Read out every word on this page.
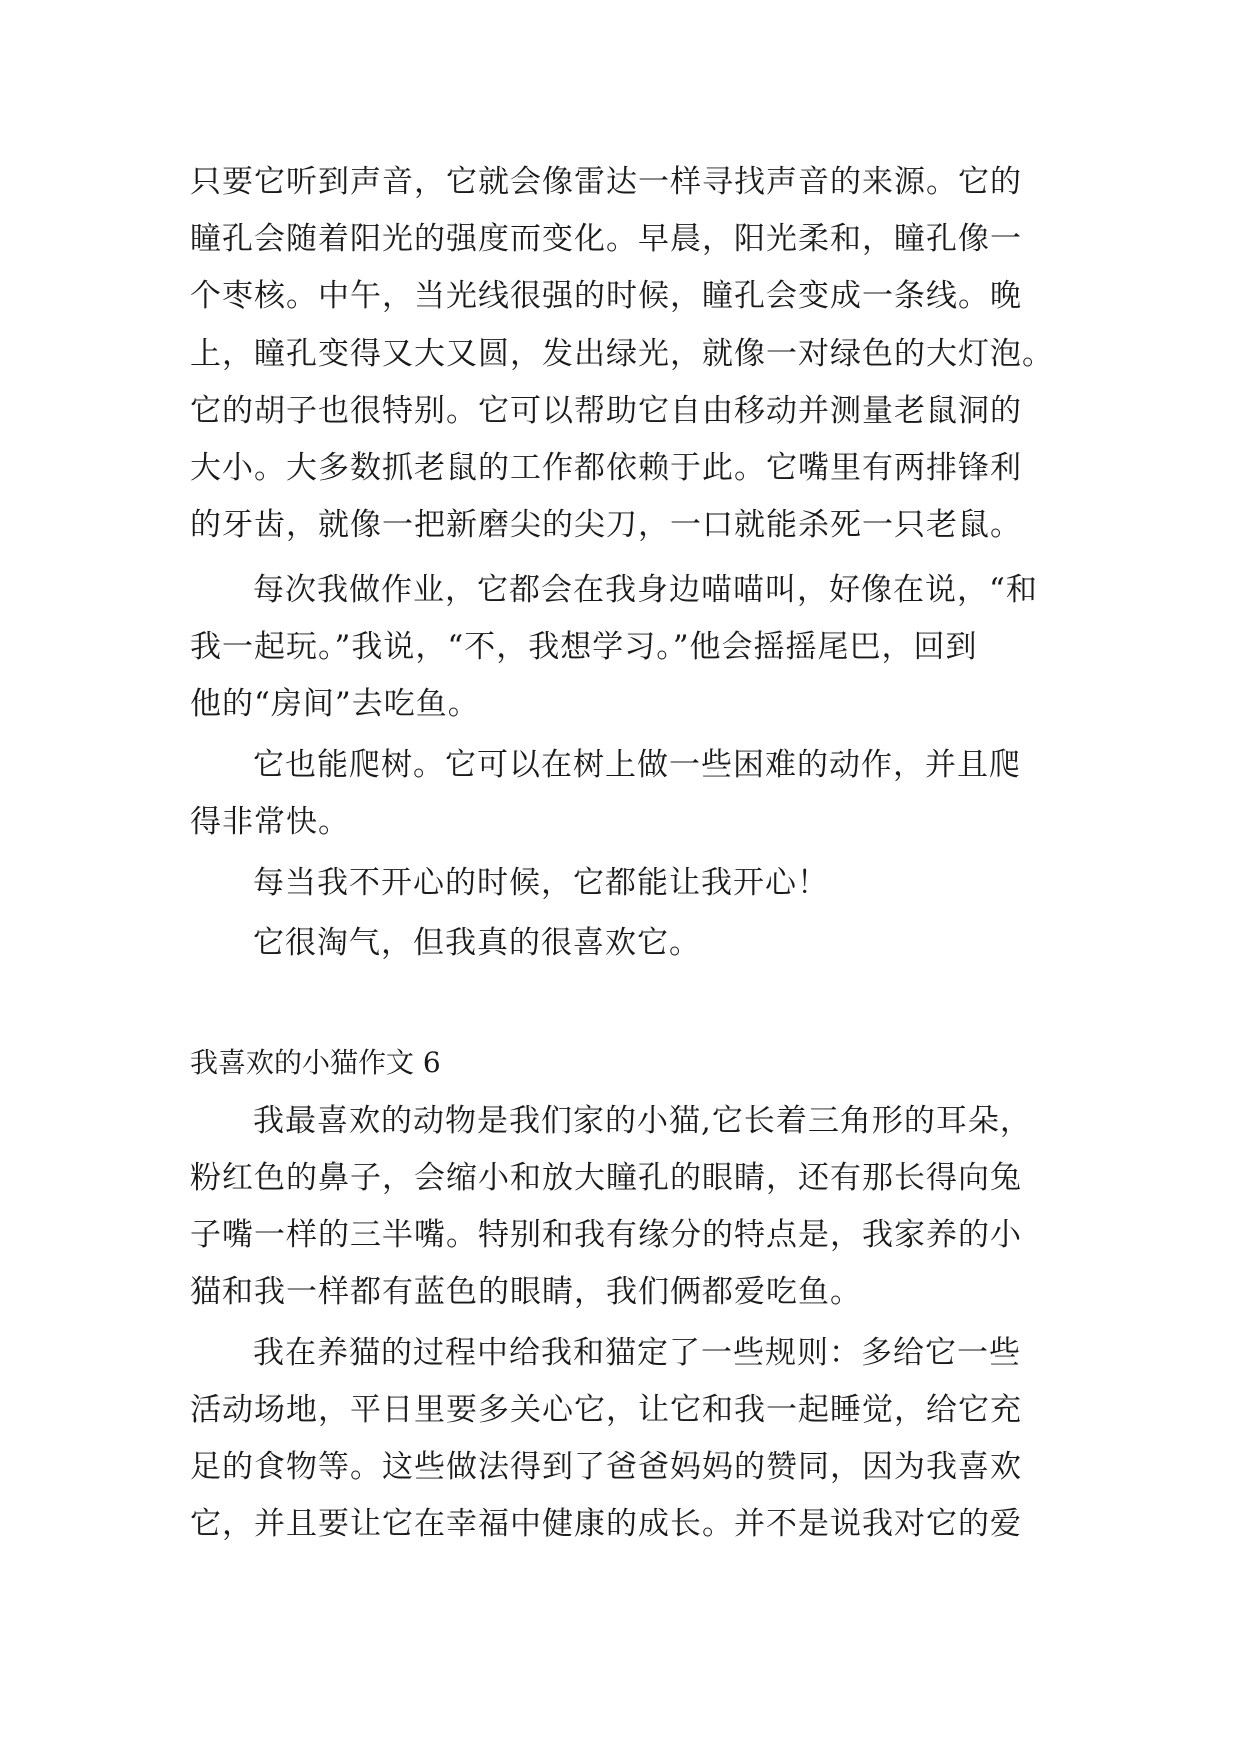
只要它听到声音，它就会像雷达一样寻找声音的来源。它的
瞳孔会随着阳光的强度而变化。早晨，阳光柔和，瞳孔像一
个枣核。中午，当光线很强的时候，瞳孔会变成一条线。晚
上，瞳孔变得又大又圆，发出绿光，就像一对绿色的大灯泡。
它的胡子也很特别。它可以帮助它自由移动并测量老鼠洞的
大小。大多数抓老鼠的工作都依赖于此。它嘴里有两排锋利
的牙齿，就像一把新磨尖的尖刀，一口就能杀死一只老鼠。
每次我做作业，它都会在我身边喵喵叫，好像在说，“和
我一起玩。”我说，“不，我想学习。”他会摇摇尾巴，回到
他的“房间”去吃鱼。
它也能爬树。它可以在树上做一些困难的动作，并且爬
得非常快。
每当我不开心的时候，它都能让我开心！
它很淘气，但我真的很喜欢它。
我喜欢的小猫作文 6
我最喜欢的动物是我们家的小猫,它长着三角形的耳朵，
粉红色的鼻子，会缩小和放大瞳孔的眼睛，还有那长得向兔
子嘴一样的三半嘴。特别和我有缘分的特点是，我家养的小
猫和我一样都有蓝色的眼睛，我们俩都爱吃鱼。
我在养猫的过程中给我和猫定了一些规则：多给它一些
活动场地，平日里要多关心它，让它和我一起睡觉，给它充
足的食物等。这些做法得到了爸爸妈妈的赞同，因为我喜欢
它，并且要让它在幸福中健康的成长。并不是说我对它的爱
